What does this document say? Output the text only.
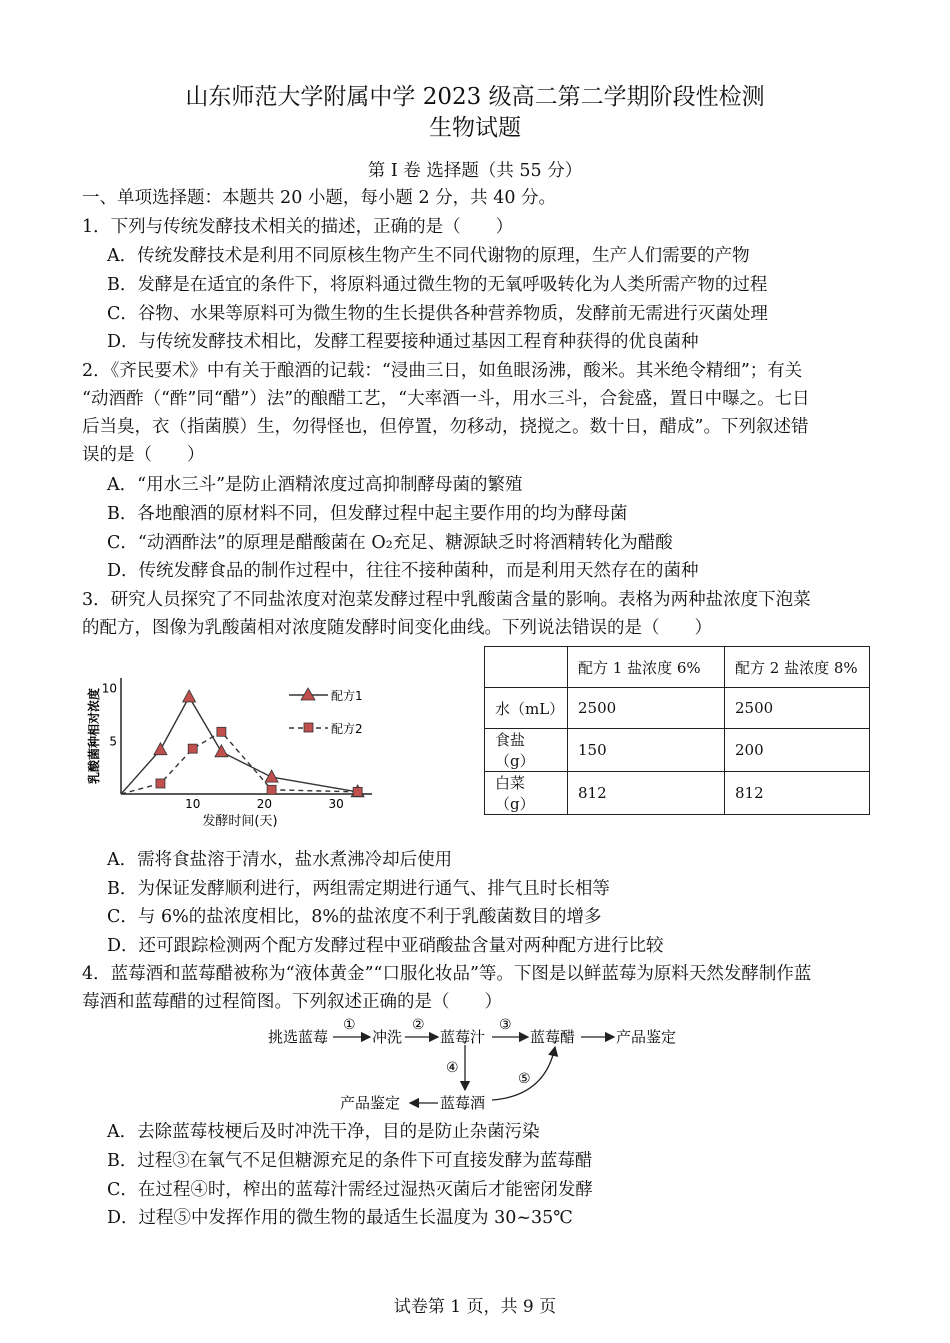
山东师范大学附属中学 2023 级高二第二学期阶段性检测
生物试题
第 I 卷 选择题（共 55 分）
一、单项选择题：本题共 20 小题，每小题 2 分，共 40 分。
1．下列与传统发酵技术相关的描述，正确的是（　　）
A．传统发酵技术是利用不同原核生物产生不同代谢物的原理，生产人们需要的产物
B．发酵是在适宜的条件下，将原料通过微生物的无氧呼吸转化为人类所需产物的过程
C．谷物、水果等原料可为微生物的生长提供各种营养物质，发酵前无需进行灭菌处理
D．与传统发酵技术相比，发酵工程要接种通过基因工程育种获得的优良菌种
2．《齐民要术》中有关于酿酒的记载：“浸曲三日，如鱼眼汤沸，酸米。其米绝令精细”；有关
“动酒酢（“酢”同“醋”）法”的酿醋工艺，“大率酒一斗，用水三斗，合瓮盛，置日中曝之。七日
后当臭，衣（指菌膜）生，勿得怪也，但停置，勿移动，挠搅之。数十日，醋成”。下列叙述错
误的是（　　）
A．“用水三斗”是防止酒精浓度过高抑制酵母菌的繁殖
B．各地酿酒的原材料不同，但发酵过程中起主要作用的均为酵母菌
C．“动酒酢法”的原理是醋酸菌在 O₂充足、糖源缺乏时将酒精转化为醋酸
D．传统发酵食品的制作过程中，往往不接种菌种，而是利用天然存在的菌种
3．研究人员探究了不同盐浓度对泡菜发酵过程中乳酸菌含量的影响。表格为两种盐浓度下泡菜
的配方，图像为乳酸菌相对浓度随发酵时间变化曲线。下列说法错误的是（　　）
乳酸菌种相对浓度
发酵时间(天)
10	20	30
5
10
配方1
配方2
	配方 1 盐浓度 6%	配方 2 盐浓度 8%
水（mL）	2500	2500
食盐（g）	150	200
白菜（g）	812	812
A．需将食盐溶于清水，盐水煮沸冷却后使用
B．为保证发酵顺利进行，两组需定期进行通气、排气且时长相等
C．与 6%的盐浓度相比，8%的盐浓度不利于乳酸菌数目的增多
D．还可跟踪检测两个配方发酵过程中亚硝酸盐含量对两种配方进行比较
4．蓝莓酒和蓝莓醋被称为“液体黄金”“口服化妆品”等。下图是以鲜蓝莓为原料天然发酵制作蓝
莓酒和蓝莓醋的过程简图。下列叙述正确的是（　　）
挑选蓝莓	冲洗	蓝莓汁	蓝莓醋	产品鉴定
蓝莓酒
产品鉴定
①	②	③
④
⑤
A．去除蓝莓枝梗后及时冲洗干净，目的是防止杂菌污染
B．过程③在氧气不足但糖源充足的条件下可直接发酵为蓝莓醋
C．在过程④时，榨出的蓝莓汁需经过湿热灭菌后才能密闭发酵
D．过程⑤中发挥作用的微生物的最适生长温度为 30~35℃
试卷第 1 页，共 9 页
